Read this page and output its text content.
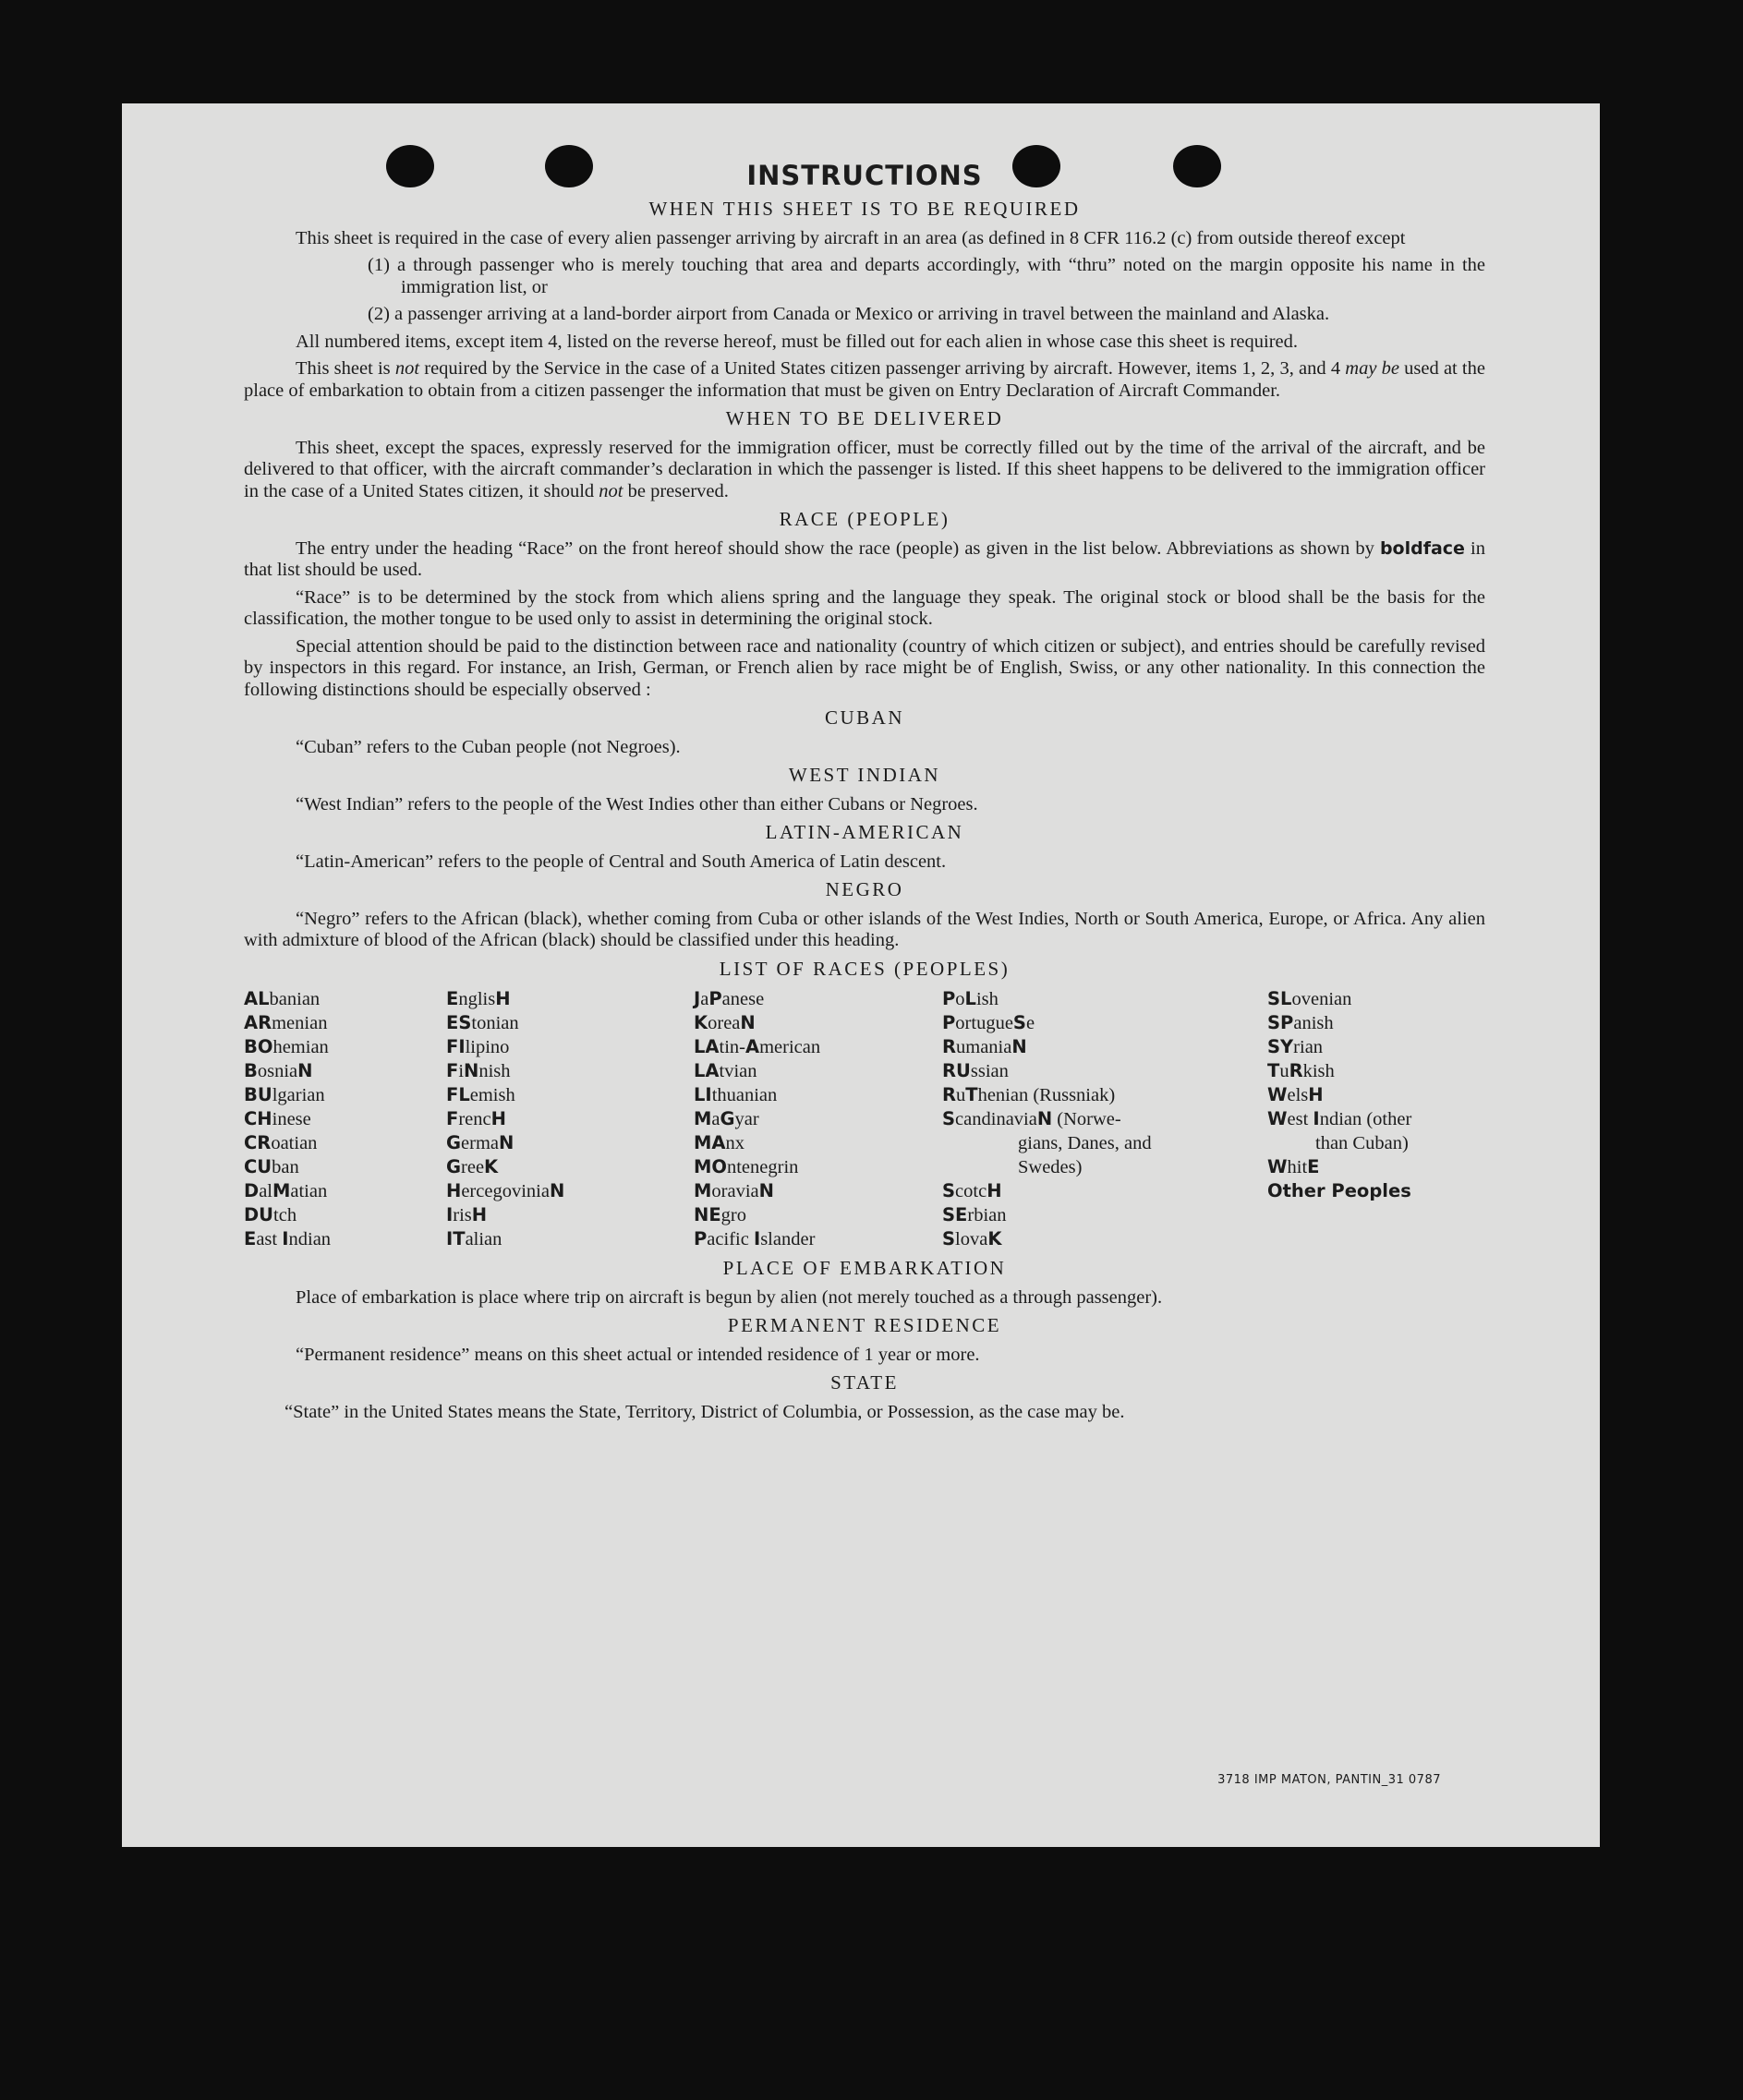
INSTRUCTIONS
WHEN THIS SHEET IS TO BE REQUIRED

This sheet is required in the case of every alien passenger arriving by aircraft in an area (as defined in 8 CFR 116.2 (c) from outside thereof except

(1) a through passenger who is merely touching that area and departs accordingly, with “thru” noted on the margin opposite his name in the immigration list, or

(2) a passenger arriving at a land-border airport from Canada or Mexico or arriving in travel between the mainland and Alaska.

All numbered items, except item 4, listed on the reverse hereof, must be filled out for each alien in whose case this sheet is required.

This sheet is not required by the Service in the case of a United States citizen passenger arriving by aircraft. However, items 1, 2, 3, and 4 may be used at the place of embarkation to obtain from a citizen passenger the information that must be given on Entry Declaration of Aircraft Commander.

WHEN TO BE DELIVERED

This sheet, except the spaces, expressly reserved for the immigration officer, must be correctly filled out by the time of the arrival of the aircraft, and be delivered to that officer, with the aircraft commander’s declaration in which the passenger is listed. If this sheet happens to be delivered to the immigration officer in the case of a United States citizen, it should not be preserved.

RACE (PEOPLE)

The entry under the heading “Race” on the front hereof should show the race (people) as given in the list below. Abbreviations as shown by boldface in that list should be used.

“Race” is to be determined by the stock from which aliens spring and the language they speak. The original stock or blood shall be the basis for the classification, the mother tongue to be used only to assist in determining the original stock.

Special attention should be paid to the distinction between race and nationality (country of which citizen or subject), and entries should be carefully revised by inspectors in this regard. For instance, an Irish, German, or French alien by race might be of English, Swiss, or any other nationality. In this connection the following distinctions should be especially observed :

CUBAN

“Cuban” refers to the Cuban people (not Negroes).

WEST INDIAN

“West Indian” refers to the people of the West Indies other than either Cubans or Negroes.

LATIN-AMERICAN

“Latin-American” refers to the people of Central and South America of Latin descent.

NEGRO

“Negro” refers to the African (black), whether coming from Cuba or other islands of the West Indies, North or South America, Europe, or Africa. Any alien with admixture of blood of the African (black) should be classified under this heading.

LIST OF RACES (PEOPLES)
ALbanian
ARmenian
BOhemian
BosniaN
BUlgarian
CHinese
CRoatian
CUban
DalMatian
DUtch
East Indian
EnglisH
EStonian
FIlipino
FiNnish
FLemish
FrencH
GermaN
GreeK
HercegoviniaN
IrisH
ITalian
JaPanese
KoreaN
LAtin-American
LAtvian
LIthuanian
MaGyar
MAnx
MOntenegrin
MoraviaN
NEgro
Pacific Islander
PoLish
PortugueSe
RumaniaN
RUssian
RuThenian (Russniak)
ScandinaviaN (Norwe-
gians, Danes, and
Swedes)
ScotcH
SErbian
SlovaK
SLovenian
SPanish
SYrian
TuRkish
WelsH
West Indian (other
than Cuban)
WhitE
Other Peoples
PLACE OF EMBARKATION

Place of embarkation is place where trip on aircraft is begun by alien (not merely touched as a through passenger).

PERMANENT RESIDENCE

“Permanent residence” means on this sheet actual or intended residence of 1 year or more.

STATE

“State” in the United States means the State, Territory, District of Columbia, or Possession, as the case may be.

3718 IMP MATON, PANTIN_31 0787
